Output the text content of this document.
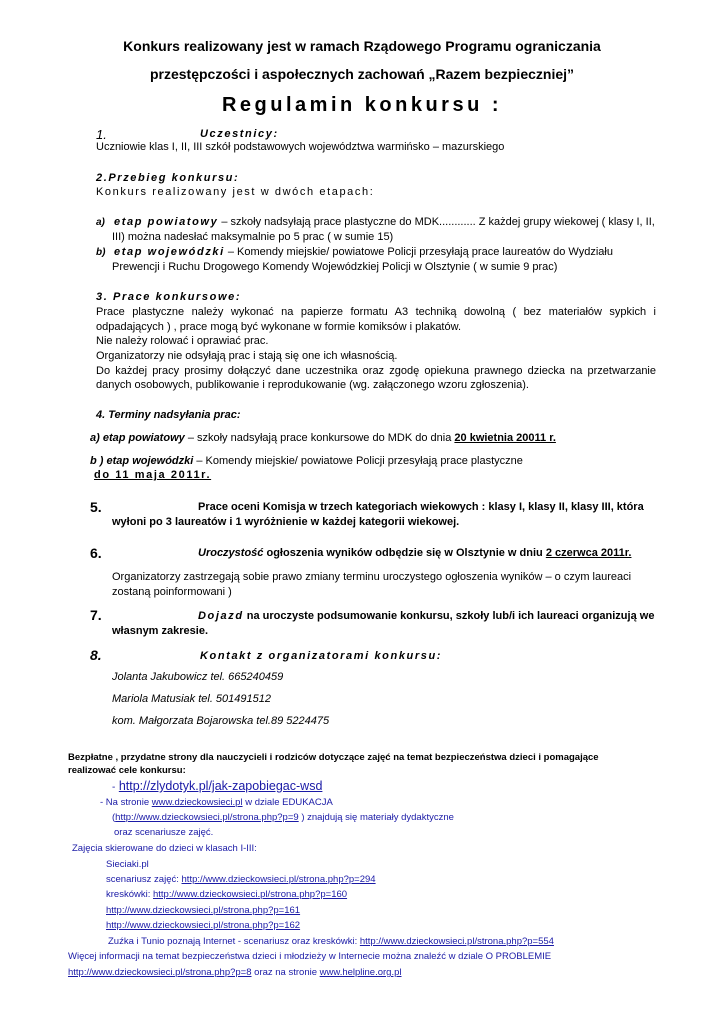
Konkurs realizowany jest w ramach Rządowego Programu ograniczania
przestępczości i aspołecznych zachowań „Razem bezpieczniej”
Regulamin konkursu :
1.	Uczestnicy:
Uczniowie klas I, II, III szkół podstawowych województwa warmińsko – mazurskiego
2.Przebieg konkursu:
Konkurs realizowany jest w dwóch etapach:
a) etap powiatowy – szkoły nadsyłają prace plastyczne do MDK............ Z każdej grupy wiekowej ( klasy I, II,
III) można nadesłać maksymalnie po 5 prac ( w sumie 15)
b) etap wojewódzki – Komendy miejskie/ powiatowe Policji przesyłają prace laureatów do Wydziału
Prewencji i Ruchu Drogowego Komendy Wojewódzkiej Policji w Olsztynie ( w sumie 9 prac)
3. Prace konkursowe:
Prace plastyczne należy wykonać na papierze formatu A3 techniką dowolną ( bez materiałów sypkich i
odpadających ) , prace mogą być wykonane w formie komiksów i plakatów.
Nie należy rolować i oprawiać prac.
Organizatorzy nie odsyłają prac i stają się one ich własnością.
Do każdej pracy prosimy dołączyć dane uczestnika oraz zgodę opiekuna prawnego dziecka na przetwarzanie
danych osobowych, publikowanie i reprodukowanie (wg. załączonego wzoru zgłoszenia).
4. Terminy nadsyłania prac:
a) etap powiatowy – szkoły nadsyłają prace konkursowe do MDK do dnia 20 kwietnia 20011 r.
b ) etap wojewódzki – Komendy miejskie/ powiatowe Policji przesyłają prace plastyczne
do 11 maja 2011r.
5.	Prace oceni Komisja w trzech kategoriach wiekowych : klasy I, klasy II, klasy III, która
wyłoni po 3 laureatów i 1 wyróżnienie w każdej kategorii wiekowej.
6.	Uroczystość ogłoszenia wyników odbędzie się w Olsztynie w dniu 2 czerwca 2011r.
Organizatorzy zastrzegają sobie prawo zmiany terminu uroczystego ogłoszenia wyników – o czym laureaci
zostaną poinformowani )
7.	Dojazd na uroczyste podsumowanie konkursu, szkoły lub/i ich laureaci organizują we
własnym zakresie.
8.	Kontakt z organizatorami konkursu:
Jolanta Jakubowicz tel. 665240459
Mariola Matusiak tel. 501491512
kom. Małgorzata Bojarowska tel.89 5224475
Bezpłatne , przydatne strony dla nauczycieli i rodziców dotyczące zajęć na temat bezpieczeństwa dzieci i pomagające
realizować cele konkursu:
- http://zlydotyk.pl/jak-zapobiegac-wsd
- Na stronie www.dzieckowsieci.pl w dziale EDUKACJA
(http://www.dzieckowsieci.pl/strona.php?p=9 ) znajdują się materiały dydaktyczne
oraz scenariusze zajęć.
Zajęcia skierowane do dzieci w klasach I-III:
Sieciaki.pl
scenariusz zajęć: http://www.dzieckowsieci.pl/strona.php?p=294
kreskówki: http://www.dzieckowsieci.pl/strona.php?p=160
http://www.dzieckowsieci.pl/strona.php?p=161
http://www.dzieckowsieci.pl/strona.php?p=162
Zuźka i Tunio poznają Internet - scenariusz oraz kreskówki: http://www.dzieckowsieci.pl/strona.php?p=554
Więcej informacji na temat bezpieczeństwa dzieci i młodzieży w Internecie można znaleźć w dziale O PROBLEMIE
http://www.dzieckowsieci.pl/strona.php?p=8 oraz na stronie www.helpline.org.pl
